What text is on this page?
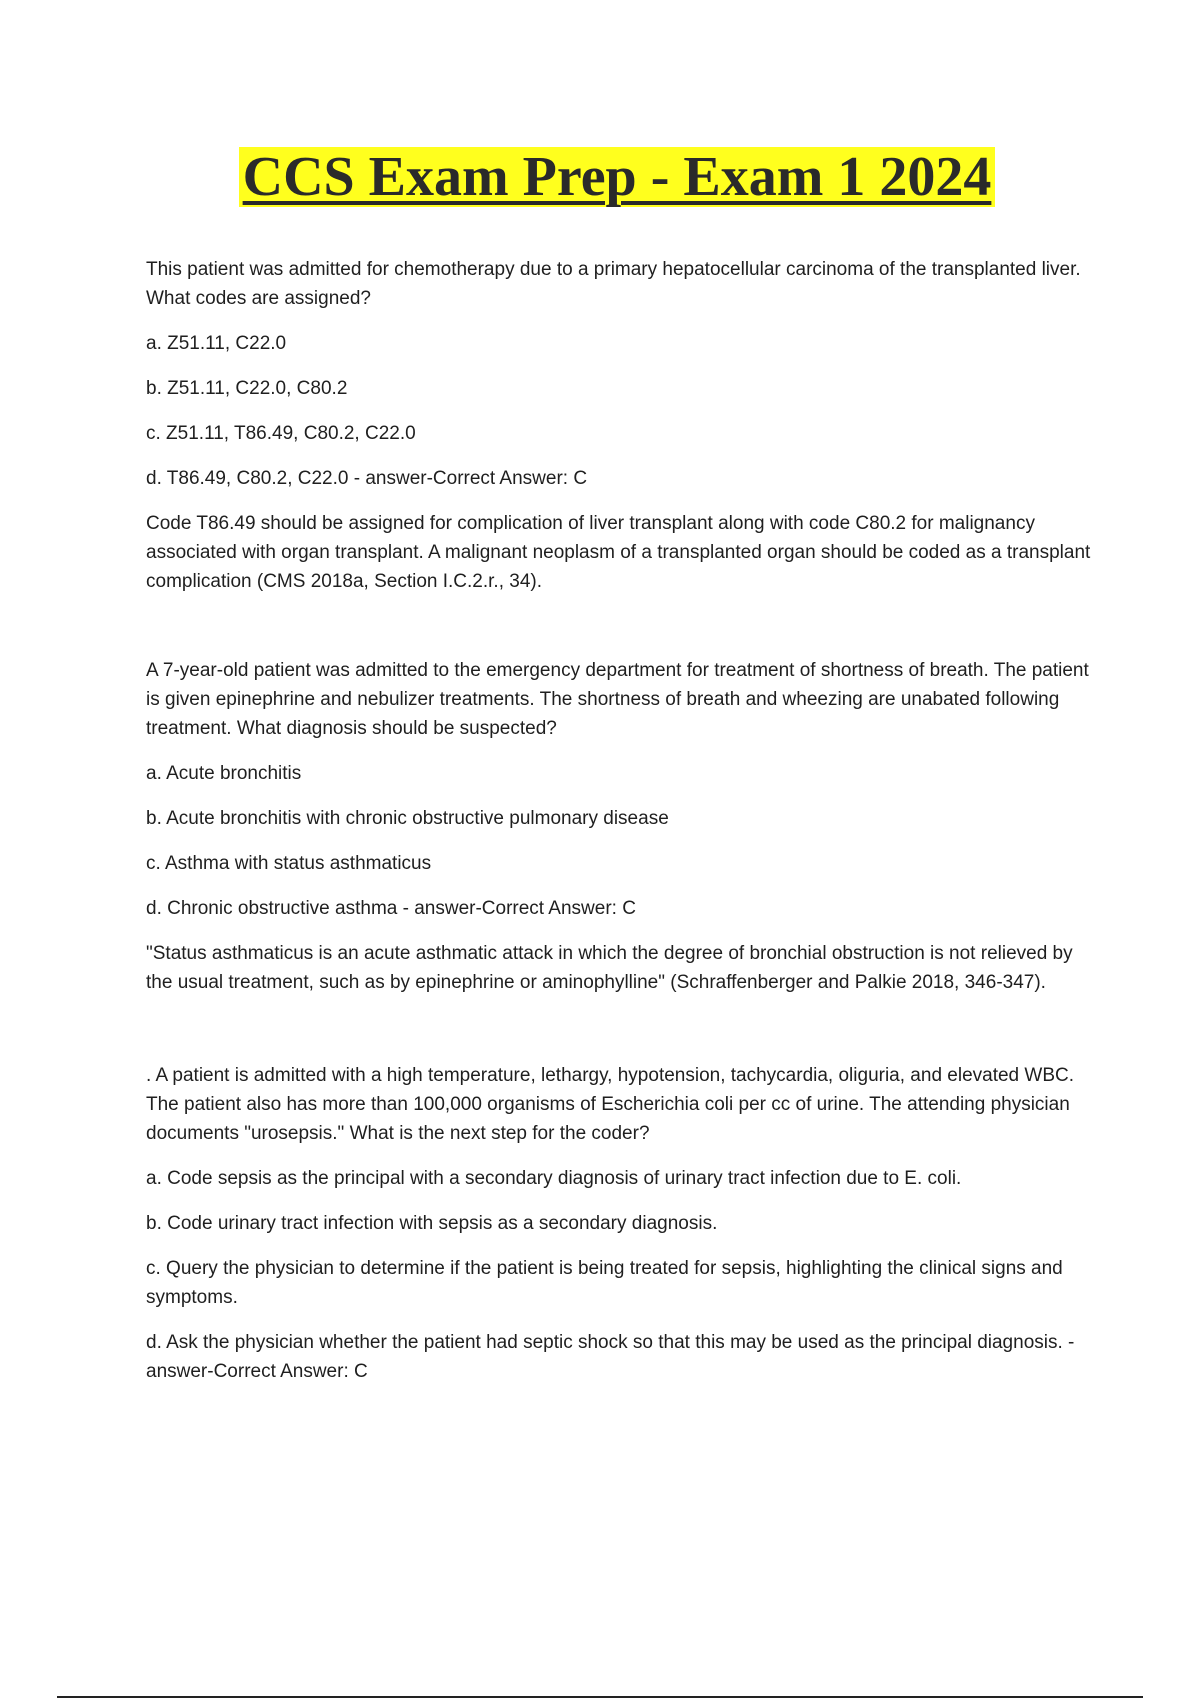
CCS Exam Prep - Exam 1 2024

This patient was admitted for chemotherapy due to a primary hepatocellular carcinoma of the transplanted liver. What codes are assigned?

a. Z51.11, C22.0

b. Z51.11, C22.0, C80.2

c. Z51.11, T86.49, C80.2, C22.0

d. T86.49, C80.2, C22.0 - answer-Correct Answer: C

Code T86.49 should be assigned for complication of liver transplant along with code C80.2 for malignancy associated with organ transplant. A malignant neoplasm of a transplanted organ should be coded as a transplant complication (CMS 2018a, Section I.C.2.r., 34).

A 7-year-old patient was admitted to the emergency department for treatment of shortness of breath. The patient is given epinephrine and nebulizer treatments. The shortness of breath and wheezing are unabated following treatment. What diagnosis should be suspected?

a. Acute bronchitis

b. Acute bronchitis with chronic obstructive pulmonary disease

c. Asthma with status asthmaticus

d. Chronic obstructive asthma - answer-Correct Answer: C

"Status asthmaticus is an acute asthmatic attack in which the degree of bronchial obstruction is not relieved by the usual treatment, such as by epinephrine or aminophylline" (Schraffenberger and Palkie 2018, 346-347).

. A patient is admitted with a high temperature, lethargy, hypotension, tachycardia, oliguria, and elevated WBC. The patient also has more than 100,000 organisms of Escherichia coli per cc of urine. The attending physician documents "urosepsis." What is the next step for the coder?

a. Code sepsis as the principal with a secondary diagnosis of urinary tract infection due to E. coli.

b. Code urinary tract infection with sepsis as a secondary diagnosis.

c. Query the physician to determine if the patient is being treated for sepsis, highlighting the clinical signs and symptoms.

d. Ask the physician whether the patient had septic shock so that this may be used as the principal diagnosis. - answer-Correct Answer: C
